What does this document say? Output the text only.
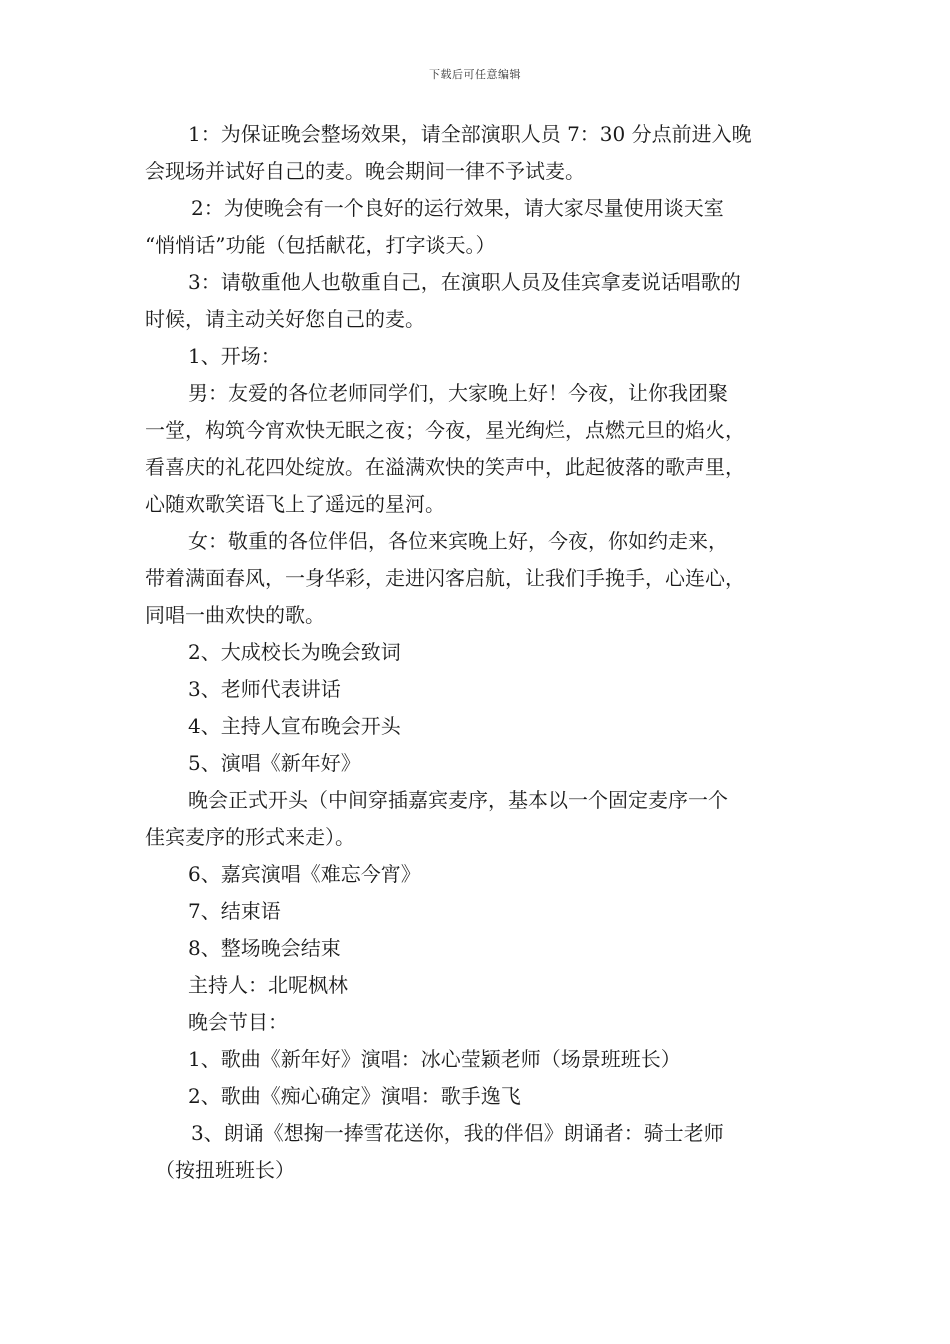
下载后可任意编辑
1：为保证晚会整场效果，请全部演职人员 7：30 分点前进入晚
会现场并试好自己的麦。晚会期间一律不予试麦。
2：为使晚会有一个良好的运行效果，请大家尽量使用谈天室
“悄悄话”功能（包括献花，打字谈天。）
3：请敬重他人也敬重自己，在演职人员及佳宾拿麦说话唱歌的
时候，请主动关好您自己的麦。
1、开场：
男：友爱的各位老师同学们，大家晚上好！今夜，让你我团聚
一堂，构筑今宵欢快无眠之夜；今夜，星光绚烂，点燃元旦的焰火，
看喜庆的礼花四处绽放。在溢满欢快的笑声中，此起彼落的歌声里，
心随欢歌笑语飞上了遥远的星河。
女：敬重的各位伴侣，各位来宾晚上好，今夜，你如约走来，
带着满面春风，一身华彩，走进闪客启航，让我们手挽手，心连心，
同唱一曲欢快的歌。
2、大成校长为晚会致词
3、老师代表讲话
4、主持人宣布晚会开头
5、演唱《新年好》
晚会正式开头（中间穿插嘉宾麦序，基本以一个固定麦序一个
佳宾麦序的形式来走）。
6、嘉宾演唱《难忘今宵》
7、结束语
8、整场晚会结束
主持人：北呢枫林
晚会节目：
1、歌曲《新年好》演唱：冰心莹颖老师（场景班班长）
2、歌曲《痴心确定》演唱：歌手逸飞
3、朗诵《想掬一捧雪花送你，我的伴侣》朗诵者：骑士老师
（按扭班班长）
